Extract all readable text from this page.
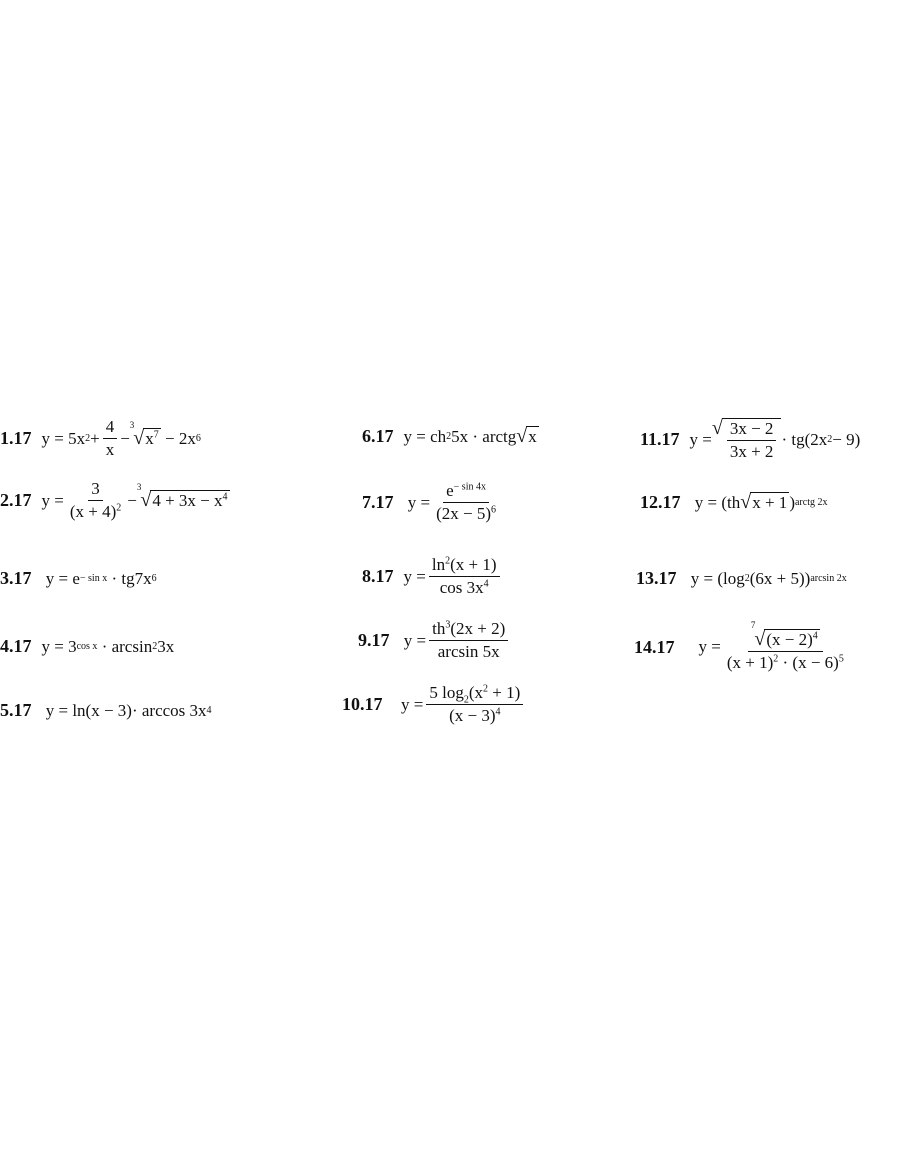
1.17 y = 5x $2 + \frac{4}{x}$ −
3
√ $x^7 - 2x$ 6
2.17 $y = \frac{3}{(x + 4)^2}$ −
3
√ $4 + 3x - x^4$
3.17 y = e − sin x · tg7x 6
4.17 y = 3 cos x · arcsin 2 3x
5.17 y = ln(x − 3)· arccos 3x 4
6.17 y = ch 2 5x · arctg √ x
7.17 $y = \frac{e^{- sin 4x}}{(2x - 5)^6}$
8.17 $y = \frac{\ln^2(x + 1)}{\cos 3x^4}$
9.17 $y = \frac{th^3(2x + 2)}{\arcsin 5x}$
10.17 $y = \frac{5 \log_2(x^2 + 1)}{(x - 3)^4}$
11.17 y =
√ $\frac{3x - 2}{3x + 2} \cdot tg(2x$ 2 − 9)
12.17 y = (th √ x + 1 ) arctg 2x
13.17 y = (log 2 (6x + 5)) arcsin 2x
14.17 y = 7
√ $(x - 2)^4$
$(x + 1)^2 \cdot (x - 6)^5$
